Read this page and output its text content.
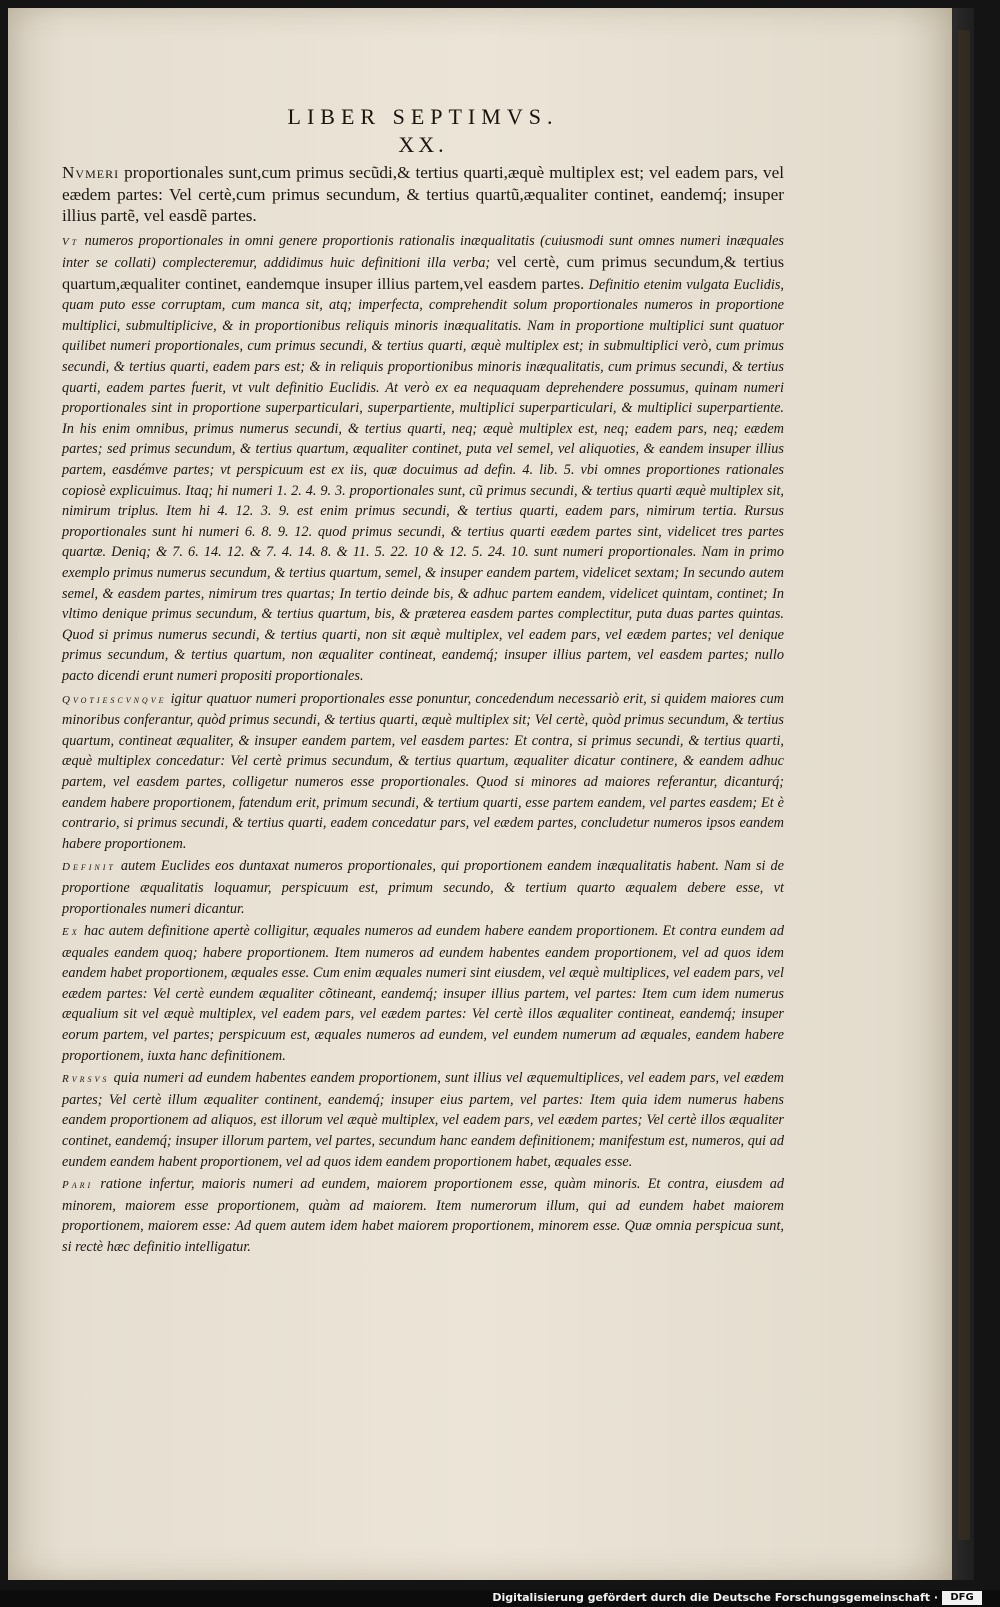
LIBER SEPTIMVS.
XX.

Nvmeri proportionales sunt,cum primus secũdi,& tertius quarti,æquè multiplex est; vel eadem pars, vel eædem partes: Vel certè,cum primus secundum, & tertius quartũ,æqualiter continet, eandemq́; insuper illius partẽ, vel easdẽ partes.

Vt numeros proportionales in omni genere proportionis rationalis inæqualitatis (cuiusmodi sunt omnes numeri inæquales inter se collati) complecteremur, addidimus huic definitioni illa verba; vel certè, cum primus secundum,& tertius quartum,æqualiter continet, eandemque insuper illius partem,vel easdem partes. Definitio etenim vulgata Euclidis, quam puto esse corruptam, cum manca sit, atq; imperfecta, comprehendit solum proportionales numeros in proportione multiplici, submultiplicive, & in proportionibus reliquis minoris inæqualitatis. Nam in proportione multiplici sunt quatuor quilibet numeri proportionales, cum primus secundi, & tertius quarti, æquè multiplex est; in submultiplici verò, cum primus secundi, & tertius quarti, eadem pars est; & in reliquis proportionibus minoris inæqualitatis, cum primus secundi, & tertius quarti, eadem partes fuerit, vt vult definitio Euclidis. At verò ex ea nequaquam deprehendere possumus, quinam numeri proportionales sint in proportione superparticulari, superpartiente, multiplici superparticulari, & multiplici superpartiente. In his enim omnibus, primus numerus secundi, & tertius quarti, neq; æquè multiplex est, neq; eadem pars, neq; eædem partes; sed primus secundum, & tertius quartum, æqualiter continet, puta vel semel, vel aliquoties, & eandem insuper illius partem, easdémve partes; vt perspicuum est ex iis, quæ docuimus ad defin. 4. lib. 5. vbi omnes proportiones rationales copiosè explicuimus. Itaq; hi numeri 1. 2. 4. 9. 3. proportionales sunt, cũ primus secundi, & tertius quarti æquè multiplex sit, nimirum triplus. Item hi 4. 12. 3. 9. est enim primus secundi, & tertius quarti, eadem pars, nimirum tertia. Rursus proportionales sunt hi numeri 6. 8. 9. 12. quod primus secundi, & tertius quarti eædem partes sint, videlicet tres partes quartæ. Deniq; & 7. 6. 14. 12. & 7. 4. 14. 8. & 11. 5. 22. 10 & 12. 5. 24. 10. sunt numeri proportionales. Nam in primo exemplo primus numerus secundum, & tertius quartum, semel, & insuper eandem partem, videlicet sextam; In secundo autem semel, & easdem partes, nimirum tres quartas; In tertio deinde bis, & adhuc partem eandem, videlicet quintam, continet; In vltimo denique primus secundum, & tertius quartum, bis, & præterea easdem partes complectitur, puta duas partes quintas. Quod si primus numerus secundi, & tertius quarti, non sit æquè multiplex, vel eadem pars, vel eædem partes; vel denique primus secundum, & tertius quartum, non æqualiter contineat, eandemq́; insuper illius partem, vel easdem partes; nullo pacto dicendi erunt numeri propositi proportionales.

Qvotiescvnqve igitur quatuor numeri proportionales esse ponuntur, concedendum necessariò erit, si quidem maiores cum minoribus conferantur, quòd primus secundi, & tertius quarti, æquè multiplex sit; Vel certè, quòd primus secundum, & tertius quartum, contineat æqualiter, & insuper eandem partem, vel easdem partes: Et contra, si primus secundi, & tertius quarti, æquè multiplex concedatur: Vel certè primus secundum, & tertius quartum, æqualiter dicatur continere, & eandem adhuc partem, vel easdem partes, colligetur numeros esse proportionales. Quod si minores ad maiores referantur, dicanturq́; eandem habere proportionem, fatendum erit, primum secundi, & tertium quarti, esse partem eandem, vel partes easdem; Et è contrario, si primus secundi, & tertius quarti, eadem concedatur pars, vel eædem partes, concludetur numeros ipsos eandem habere proportionem.

Definit autem Euclides eos duntaxat numeros proportionales, qui proportionem eandem inæqualitatis habent. Nam si de proportione æqualitatis loquamur, perspicuum est, primum secundo, & tertium quarto æqualem debere esse, vt proportionales numeri dicantur.

Ex hac autem definitione apertè colligitur, æquales numeros ad eundem habere eandem proportionem. Et contra eundem ad æquales eandem quoq; habere proportionem. Item numeros ad eundem habentes eandem proportionem, vel ad quos idem eandem habet proportionem, æquales esse. Cum enim æquales numeri sint eiusdem, vel æquè multiplices, vel eadem pars, vel eædem partes: Vel certè eundem æqualiter cõtineant, eandemq́; insuper illius partem, vel partes: Item cum idem numerus æqualium sit vel æquè multiplex, vel eadem pars, vel eædem partes: Vel certè illos æqualiter contineat, eandemq́; insuper eorum partem, vel partes; perspicuum est, æquales numeros ad eundem, vel eundem numerum ad æquales, eandem habere proportionem, iuxta hanc definitionem.

Rvrsvs quia numeri ad eundem habentes eandem proportionem, sunt illius vel æquemultiplices, vel eadem pars, vel eædem partes; Vel certè illum æqualiter continent, eandemq́; insuper eius partem, vel partes: Item quia idem numerus habens eandem proportionem ad aliquos, est illorum vel æquè multiplex, vel eadem pars, vel eædem partes; Vel certè illos æqualiter continet, eandemq́; insuper illorum partem, vel partes, secundum hanc eandem definitionem; manifestum est, numeros, qui ad eundem eandem habent proportionem, vel ad quos idem eandem proportionem habet, æquales esse.

Pari ratione infertur, maioris numeri ad eundem, maiorem proportionem esse, quàm minoris. Et contra, eiusdem ad minorem, maiorem esse proportionem, quàm ad maiorem. Item numerorum illum, qui ad eundem habet maiorem proportionem, maiorem esse: Ad quem autem idem habet maiorem proportionem, minorem esse. Quæ omnia perspicua sunt, si rectè hæc definitio intelligatur.

Digitalisierung gefördert durch die Deutsche Forschungsgemeinschaft ·	DFG
